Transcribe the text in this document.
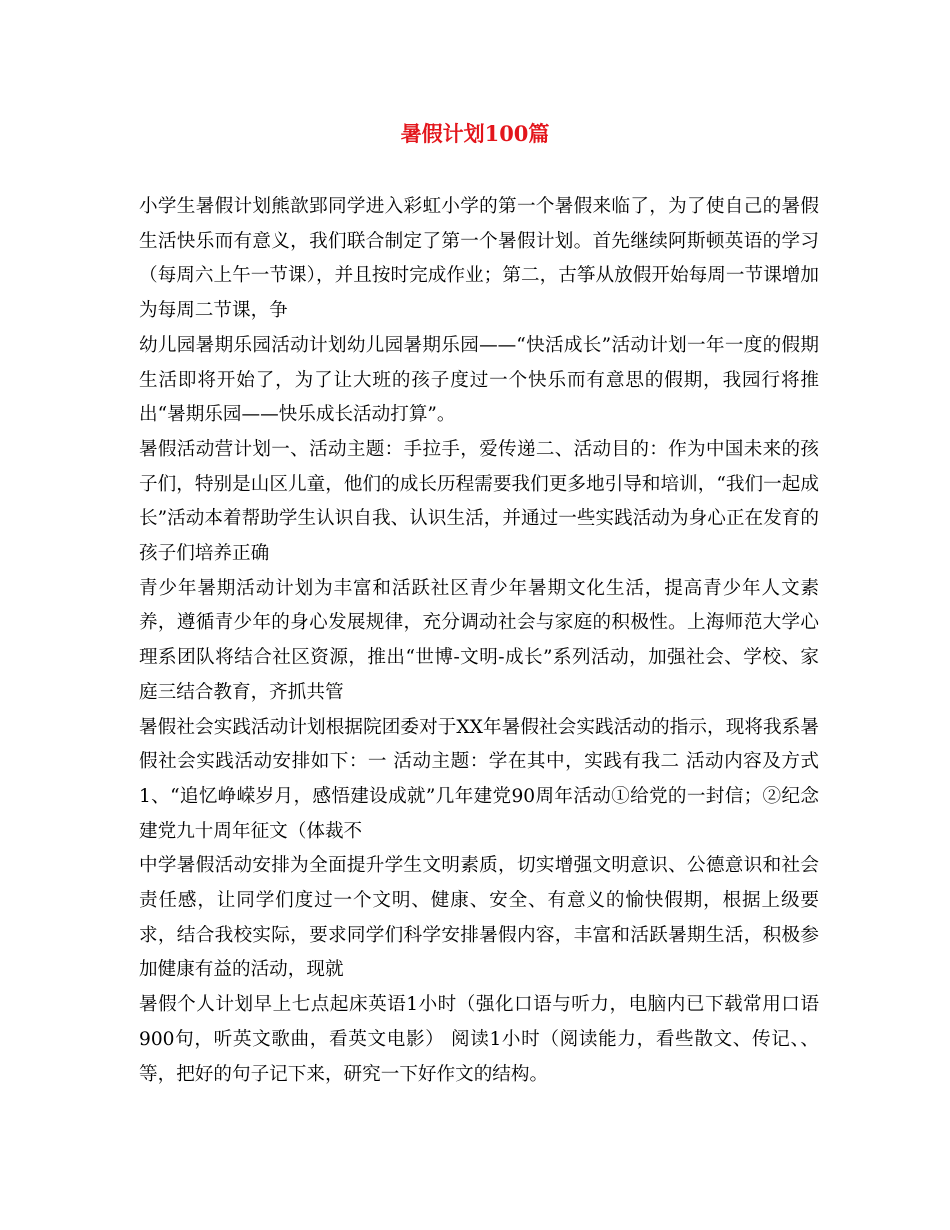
暑假计划100篇

小学生暑假计划熊歆郢同学进入彩虹小学的第一个暑假来临了，为了使自己的暑假生活快乐而有意义，我们联合制定了第一个暑假计划。首先继续阿斯顿英语的学习（每周六上午一节课），并且按时完成作业；第二，古筝从放假开始每周一节课增加为每周二节课，争

幼儿园暑期乐园活动计划幼儿园暑期乐园——“快活成长”活动计划一年一度的假期生活即将开始了，为了让大班的孩子度过一个快乐而有意思的假期，我园行将推出“暑期乐园——快乐成长活动打算”。

暑假活动营计划一、活动主题：手拉手，爱传递二、活动目的：作为中国未来的孩子们，特别是山区儿童，他们的成长历程需要我们更多地引导和培训，“我们一起成长”活动本着帮助学生认识自我、认识生活，并通过一些实践活动为身心正在发育的孩子们培养正确

青少年暑期活动计划为丰富和活跃社区青少年暑期文化生活，提高青少年人文素养，遵循青少年的身心发展规律，充分调动社会与家庭的积极性。上海师范大学心理系团队将结合社区资源，推出“世博-文明-成长”系列活动，加强社会、学校、家庭三结合教育，齐抓共管

暑假社会实践活动计划根据院团委对于XX年暑假社会实践活动的指示，现将我系暑假社会实践活动安排如下：一 活动主题：学在其中，实践有我二 活动内容及方式1、“追忆峥嵘岁月，感悟建设成就”几年建党90周年活动①给党的一封信；②纪念建党九十周年征文（体裁不

中学暑假活动安排为全面提升学生文明素质，切实增强文明意识、公德意识和社会责任感，让同学们度过一个文明、健康、安全、有意义的愉快假期，根据上级要求，结合我校实际，要求同学们科学安排暑假内容，丰富和活跃暑期生活，积极参加健康有益的活动，现就

暑假个人计划早上七点起床英语1小时（强化口语与听力，电脑内已下载常用口语900句，听英文歌曲，看英文电影） 阅读1小时（阅读能力，看些散文、传记、、等，把好的句子记下来，研究一下好作文的结构。
